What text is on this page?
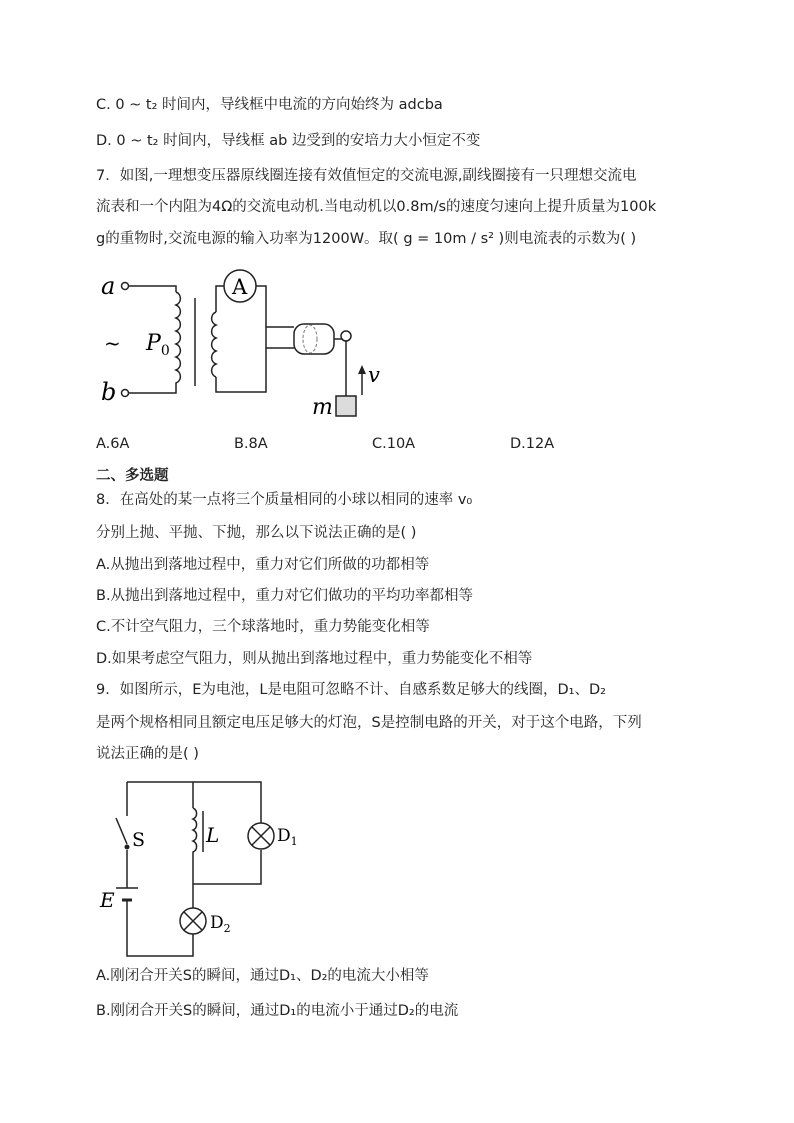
C. 0 ~ t₂ 时间内，导线框中电流的方向始终为 adcba
D. 0 ~ t₂ 时间内，导线框 ab 边受到的安培力大小恒定不变
7．如图,一理想变压器原线圈连接有效值恒定的交流电源,副线圈接有一只理想交流电
流表和一个内阻为4Ω的交流电动机.当电动机以0.8m/s的速度匀速向上提升质量为100k
g的重物时,交流电源的输入功率为1200W。取( g = 10m / s² )则电流表的示数为( )
a
~ $P_0$
b
A
m
v
A.6A	B.8A	C.10A	D.12A
二、多选题
8．在高处的某一点将三个质量相同的小球以相同的速率 v₀
分别上抛、平抛、下抛，那么以下说法正确的是( )
A.从抛出到落地过程中，重力对它们所做的功都相等
B.从抛出到落地过程中，重力对它们做功的平均功率都相等
C.不计空气阻力，三个球落地时，重力势能变化相等
D.如果考虑空气阻力，则从抛出到落地过程中，重力势能变化不相等
9．如图所示，E为电池，L是电阻可忽略不计、自感系数足够大的线圈，D₁、D₂
是两个规格相同且额定电压足够大的灯泡，S是控制电路的开关，对于这个电路，下列
说法正确的是( )
S	L
E
$D_1$
$D_2$
A.刚闭合开关S的瞬间，通过D₁、D₂的电流大小相等
B.刚闭合开关S的瞬间，通过D₁的电流小于通过D₂的电流
